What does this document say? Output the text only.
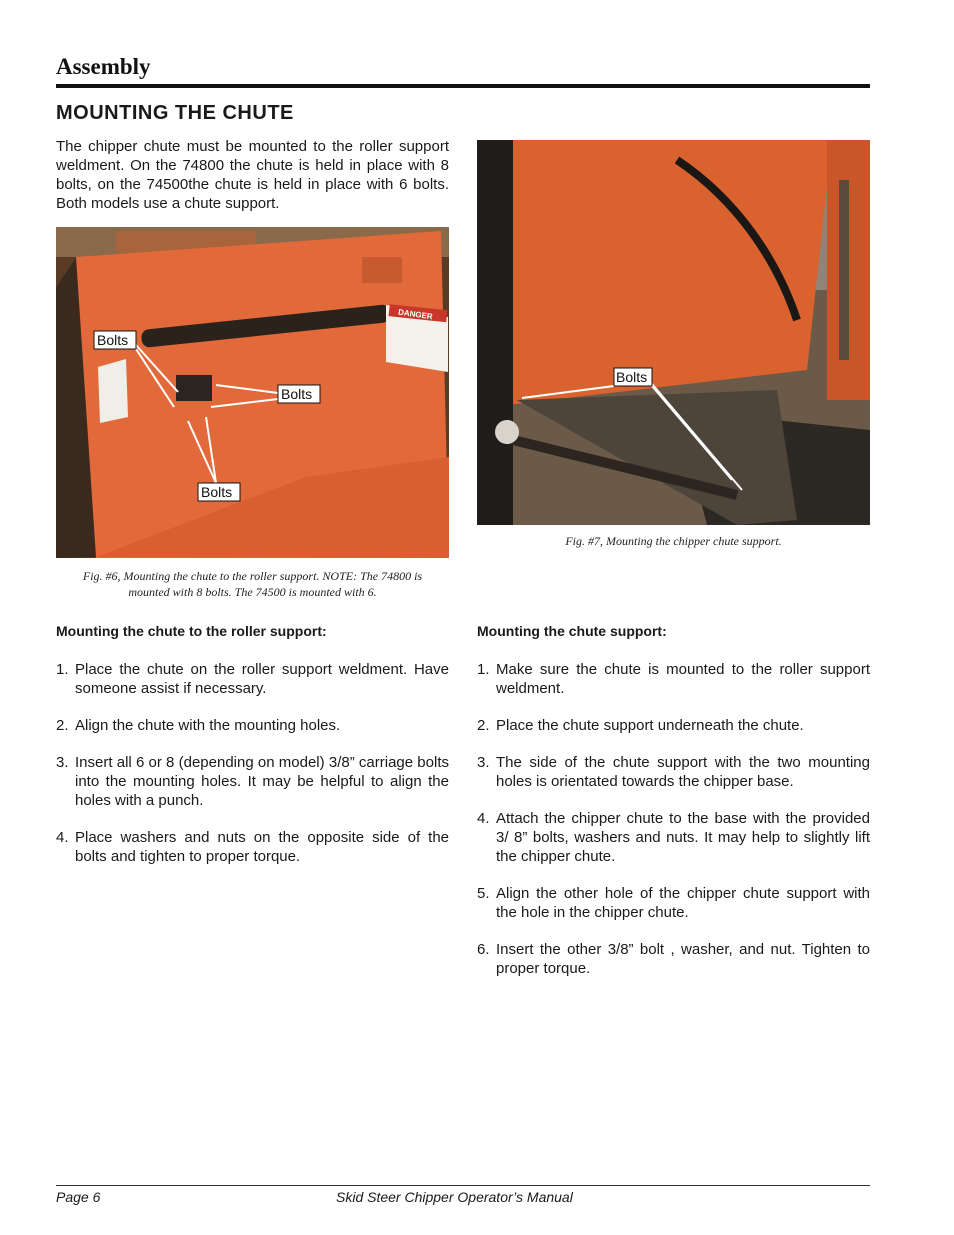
Assembly
MOUNTING THE CHUTE
The chipper chute must be mounted to the roller support weldment. On the 74800 the chute is held in place with 8 bolts, on the 74500the chute is held in place with 6 bolts. Both models use a chute support.
DANGER
Bolts
Bolts
Bolts
Fig. #6, Mounting the chute to the roller support. NOTE: The 74800 is
mounted with 8 bolts. The 74500 is mounted with 6.
Bolts
Fig. #7, Mounting the chipper chute support.
Mounting the chute to the roller support:
1. Place the chute on the roller support weldment. Have someone assist if necessary.
2. Align the chute with the mounting holes.
3. Insert all 6 or 8 (depending on model) 3/8” carriage bolts into the mounting holes. It may be helpful to align the holes with a punch.
4. Place washers and nuts on the opposite side of the bolts and tighten to proper torque.
Mounting the chute support:
1. Make sure the chute is mounted to the roller support weldment.
2. Place the chute support underneath the chute.
3. The side of the chute support with the two mounting holes is orientated towards the chipper base.
4. Attach the chipper chute to the base with the provided 3/ 8” bolts, washers and nuts. It may help to slightly lift the chipper chute.
5. Align the other hole of the chipper chute support with the hole in the chipper chute.
6. Insert the other 3/8” bolt , washer, and nut. Tighten to proper torque.
Page 6	Skid Steer Chipper Operator’s Manual
